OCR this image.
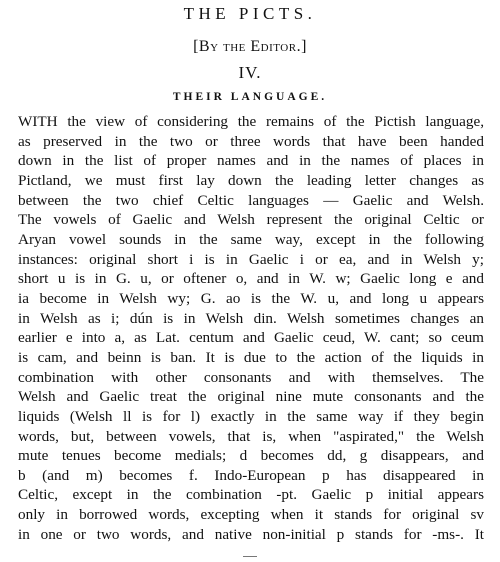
THE PICTS.
[By the Editor.]
IV.
THEIR LANGUAGE.
WITH the view of considering the remains of the Pictish language,
as preserved in the two or three words that have been handed
down in the list of proper names and in the names of places in
Pictland, we must first lay down the leading letter changes as
between the two chief Celtic languages — Gaelic and Welsh.
The vowels of Gaelic and Welsh represent the original Celtic or
Aryan vowel sounds in the same way, except in the following
instances: original short i is in Gaelic i or ea, and in Welsh y;
short u is in G. u, or oftener o, and in W. w; Gaelic long e and
ia become in Welsh wy; G. ao is the W. u, and long u appears
in Welsh as i; dún is in Welsh din. Welsh sometimes changes an
earlier e into a, as Lat. centum and Gaelic ceud, W. cant; so ceum
is cam, and beinn is ban. It is due to the action of the liquids in
combination with other consonants and with themselves. The
Welsh and Gaelic treat the original nine mute consonants and the
liquids (Welsh ll is for l) exactly in the same way if they begin
words, but, between vowels, that is, when "aspirated," the Welsh
mute tenues become medials; d becomes dd, g disappears, and
b (and m) becomes f. Indo-European p has disappeared in
Celtic, except in the combination -pt. Gaelic p initial appears
only in borrowed words, excepting when it stands for original sv
in one or two words, and native non-initial p stands for -ms-. It
